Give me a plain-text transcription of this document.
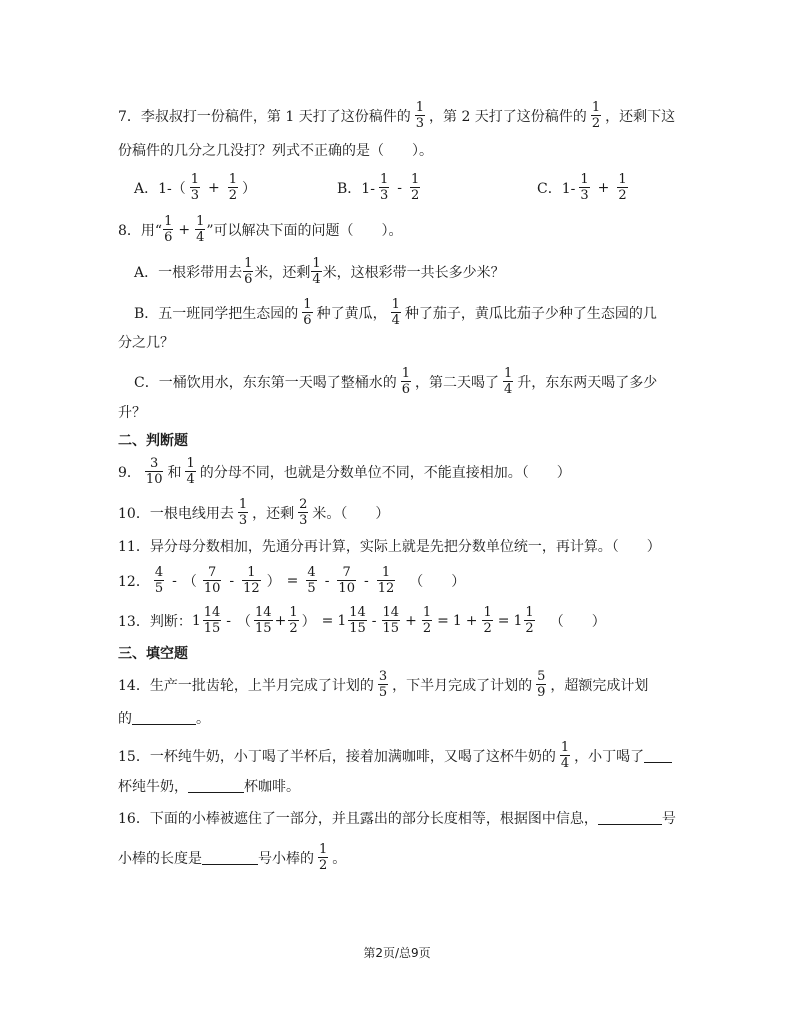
7．李叔叔打一份稿件，第 1 天打了这份稿件的 $\frac{1}{3}$ ，第 2 天打了这份稿件的 $\frac{1}{2}$ ，还剩下这
份稿件的几分之几没打？列式不正确的是（　　）。
A．$1-( \frac{1}{3} + \frac{1}{2}$ ）	B．$1- \frac{1}{3} - \frac{1}{2}$	C．$1- \frac{1}{3} + \frac{1}{2}$
8．用“ $\frac{1}{6} + \frac{1}{4}$ ”可以解决下面的问题（　　）。
A．一根彩带用去 $\frac{1}{6}$ 米，还剩 $\frac{1}{4}$ 米，这根彩带一共长多少米？
B．五一班同学把生态园的 $\frac{1}{6}$ 种了黄瓜， $\frac{1}{4}$ 种了茄子，黄瓜比茄子少种了生态园的几
分之几？
C．一桶饮用水，东东第一天喝了整桶水的 $\frac{1}{6}$ ，第二天喝了 $\frac{1}{4}$ 升，东东两天喝了多少
升？
二、判断题
9． $\frac{3}{10}$ 和 $\frac{1}{4}$ 的分母不同，也就是分数单位不同，不能直接相加。（　　）
10．一根电线用去 $\frac{1}{3}$ ，还剩 $\frac{2}{3}$ 米。（　　）
11．异分母分数相加，先通分再计算，实际上就是先把分数单位统一，再计算。（　　）
12． $\frac{4}{5}$ - （ $\frac{7}{10} - \frac{1}{12}$ ） = $\frac{4}{5} - \frac{7}{10} - \frac{1}{12}$ （　　）
13．判断： $1 \frac{14}{15}$ - （ $\frac{14}{15} + \frac{1}{2}$ ） = $1 \frac{14}{15} - \frac{14}{15} + \frac{1}{2} = 1 + \frac{1}{2} = 1 \frac{1}{2}$ （　　）
三、填空题
14．生产一批齿轮，上半月完成了计划的 $\frac{3}{5}$ ，下半月完成了计划的 $\frac{5}{9}$ ，超额完成计划
的	。
15．一杯纯牛奶，小丁喝了半杯后，接着加满咖啡，又喝了这杯牛奶的 $\frac{1}{4}$ ，小丁喝了
杯纯牛奶，	杯咖啡。
16．下面的小棒被遮住了一部分，并且露出的部分长度相等，根据图中信息，	号
小棒的长度是	号小棒的 $\frac{1}{2}$ 。
第2页/总9页
